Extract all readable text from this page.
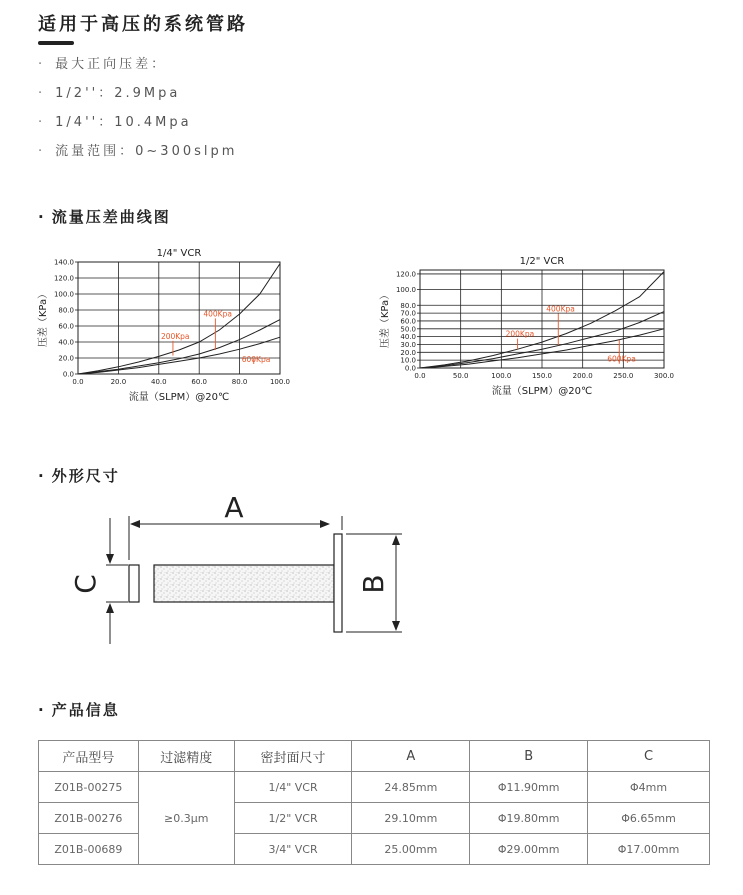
适用于高压的系统管路
· 最大正向压差：
· 1/2''：2.9Mpa
· 1/4''：10.4Mpa
· 流量范围：0~300slpm
· 流量压差曲线图
1/4" VCR
0.0	20.0	40.0	60.0	80.0	100.0
0.0
20.0
40.0
60.0
80.0
100.0
120.0
140.0
200Kpa
400Kpa
600Kpa
流量（SLPM）@20℃
压差（KPa）
1/2" VCR
0.0	50.0	100.0	150.0	200.0	250.0	300.0
0.0
10.0
20.0
30.0
40.0
50.0
60.0
70.0
80.0
100.0
120.0
200Kpa
400Kpa
600Kpa
流量（SLPM）@20℃
压差（KPa）
· 外形尺寸
A
C	B
· 产品信息
产品型号	过滤精度	密封面尺寸	A	B	C
Z01B-00275	≥0.3μm	1/4" VCR	24.85mm	Φ11.90mm	Φ4mm
Z01B-00276		1/2" VCR	29.10mm	Φ19.80mm	Φ6.65mm
Z01B-00689		3/4" VCR	25.00mm	Φ29.00mm	Φ17.00mm
